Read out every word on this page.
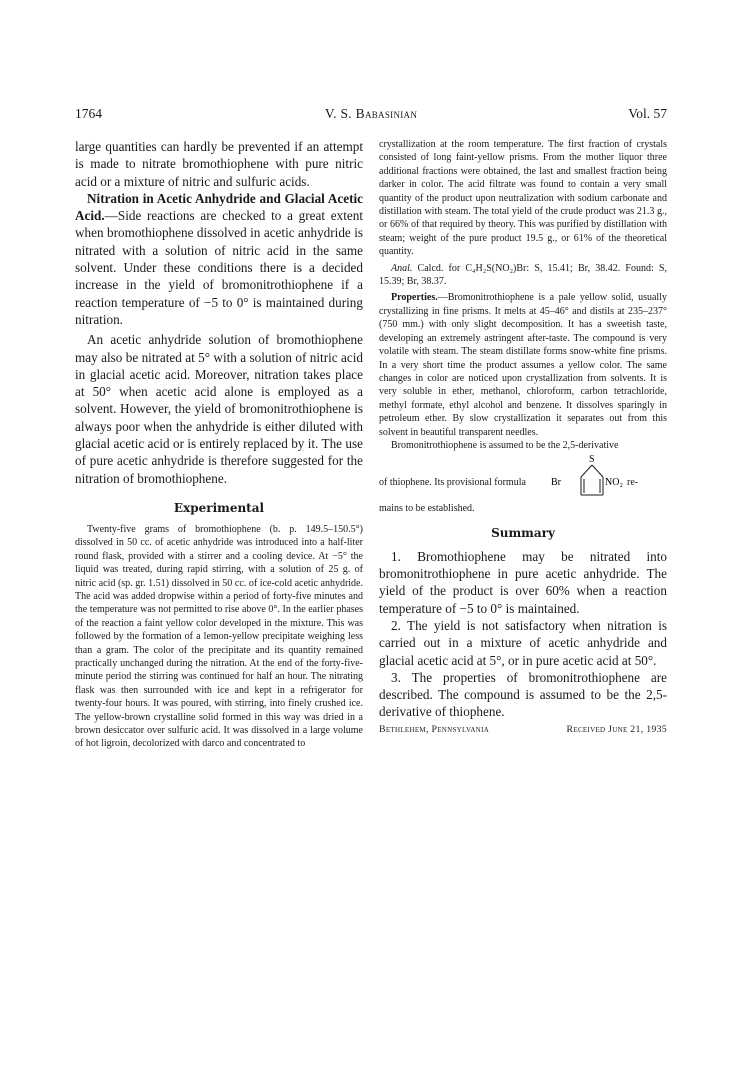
1764	V. S. Babasinian	Vol. 57

large quantities can hardly be prevented if an attempt is made to nitrate bromothiophene with pure nitric acid or a mixture of nitric and sulfuric acids.

Nitration in Acetic Anhydride and Glacial Acetic Acid.—Side reactions are checked to a great extent when bromothiophene dissolved in acetic anhydride is nitrated with a solution of nitric acid in the same solvent. Under these conditions there is a decided increase in the yield of bromonitrothiophene if a reaction temperature of −5 to 0° is maintained during nitration.

An acetic anhydride solution of bromothiophene may also be nitrated at 5° with a solution of nitric acid in glacial acetic acid. Moreover, nitration takes place at 50° when acetic acid alone is employed as a solvent. However, the yield of bromonitrothiophene is always poor when the anhydride is either diluted with glacial acetic acid or is entirely replaced by it. The use of pure acetic anhydride is therefore suggested for the nitration of bromothiophene.

Experimental

Twenty-five grams of bromothiophene (b. p. 149.5–150.5°) dissolved in 50 cc. of acetic anhydride was introduced into a half-liter round flask, provided with a stirrer and a cooling device. At −5° the liquid was treated, during rapid stirring, with a solution of 25 g. of nitric acid (sp. gr. 1.51) dissolved in 50 cc. of ice-cold acetic anhydride. The acid was added dropwise within a period of forty-five minutes and the temperature was not permitted to rise above 0°. In the earlier phases of the reaction a faint yellow color developed in the mixture. This was followed by the formation of a lemon-yellow precipitate weighing less than a gram. The color of the precipitate and its quantity remained practically unchanged during the nitration. At the end of the forty-five-minute period the stirring was continued for half an hour. The nitrating flask was then surrounded with ice and kept in a refrigerator for twenty-four hours. It was poured, with stirring, into finely crushed ice. The yellow-brown crystalline solid formed in this way was dried in a brown desiccator over sulfuric acid. It was dissolved in a large volume of hot ligroin, decolorized with darco and concentrated to

crystallization at the room temperature. The first fraction of crystals consisted of long faint-yellow prisms. From the mother liquor three additional fractions were obtained, the last and smallest fraction being darker in color. The acid filtrate was found to contain a very small quantity of the product upon neutralization with sodium carbonate and distillation with steam. The total yield of the crude product was 21.3 g., or 66% of that required by theory. This was purified by distillation with steam; weight of the pure product 19.5 g., or 61% of the theoretical quantity.

Anal. Calcd. for C₄H₂S(NO₂)Br: S, 15.41; Br, 38.42. Found: S, 15.39; Br, 38.37.

Properties.—Bromonitrothiophene is a pale yellow solid, usually crystallizing in fine prisms. It melts at 45–46° and distils at 235–237° (750 mm.) with only slight decomposition. It has a sweetish taste, developing an extremely astringent after-taste. The compound is very volatile with steam. The steam distillate forms snow-white fine prisms. In a very short time the product assumes a yellow color. The same changes in color are noticed upon crystallization from solvents. It is very soluble in ether, methanol, chloroform, carbon tetrachloride, methyl formate, ethyl alcohol and benzene. It dissolves sparingly in petroleum ether. By slow crystallization it separates out from this solvent in beautiful transparent needles.

Bromonitrothiophene is assumed to be the 2,5-derivative

of thiophene. Its provisional formula
S
Br	NO₂ re-

mains to be established.

Summary

1. Bromothiophene may be nitrated into bromonitrothiophene in pure acetic anhydride. The yield of the product is over 60% when a reaction temperature of −5 to 0° is maintained.

2. The yield is not satisfactory when nitration is carried out in a mixture of acetic anhydride and glacial acetic acid at 5°, or in pure acetic acid at 50°.

3. The properties of bromonitrothiophene are described. The compound is assumed to be the 2,5-derivative of thiophene.

Bethlehem, Pennsylvania	Received June 21, 1935
